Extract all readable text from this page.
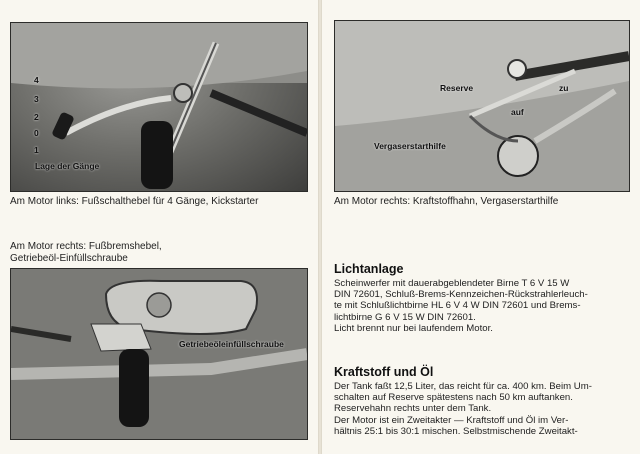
4
3
2
0
1
Lage der Gänge
Am Motor links: Fußschalthebel für 4 Gänge, Kickstarter
Am Motor rechts: Fußbremshebel,
Getriebeöl-Einfüllschraube
Getriebeöleinfüllschraube
Reserve	zu
auf
Vergaserstarthilfe
Am Motor rechts: Kraftstoffhahn, Vergaserstarthilfe
Lichtanlage
Scheinwerfer mit dauerabgeblendeter Birne T 6 V 15 W
DIN 72601, Schluß-Brems-Kennzeichen-Rückstrahlerleuch-
te mit Schlußlichtbirne HL 6 V 4 W DIN 72601 und Brems-
lichtbirne G 6 V 15 W DIN 72601.
Licht brennt nur bei laufendem Motor.
Kraftstoff und Öl
Der Tank faßt 12,5 Liter, das reicht für ca. 400 km. Beim Um-
schalten auf Reserve spätestens nach 50 km auftanken.
Reservehahn rechts unter dem Tank.
Der Motor ist ein Zweitakter — Kraftstoff und Öl im Ver-
hältnis 25:1 bis 30:1 mischen. Selbstmischende Zweitakt-
